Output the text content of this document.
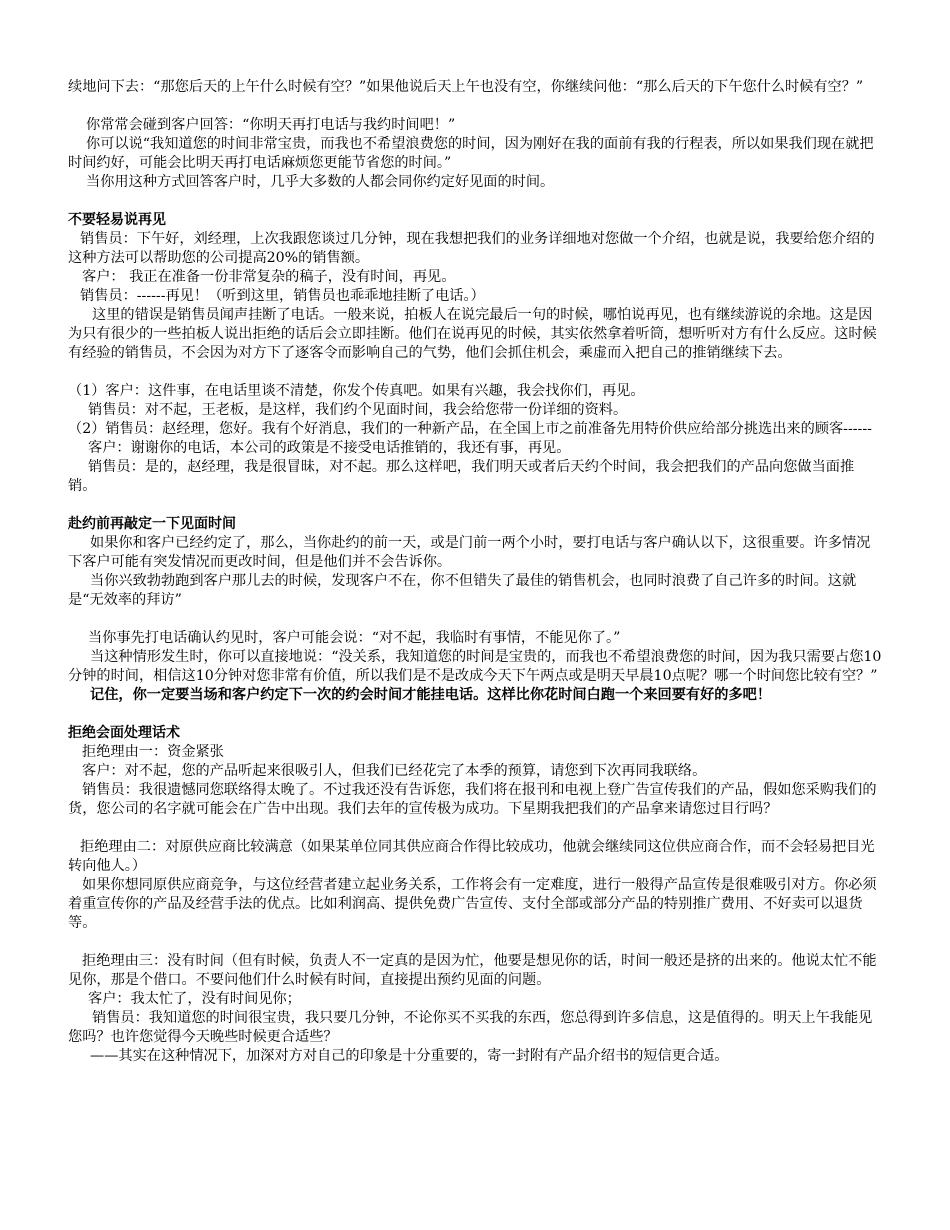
续地问下去：“那您后天的上午什么时候有空？”如果他说后天上午也没有空，你继续问他：“那么后天的下午您什么时候有空？”
你常常会碰到客户回答：“你明天再打电话与我约时间吧！”
你可以说“我知道您的时间非常宝贵，而我也不希望浪费您的时间，因为刚好在我的面前有我的行程表，所以如果我们现在就把时间约好，可能会比明天再打电话麻烦您更能节省您的时间。”
当你用这种方式回答客户时，几乎大多数的人都会同你约定好见面的时间。
不要轻易说再见
销售员：下午好，刘经理，上次我跟您谈过几分钟，现在我想把我们的业务详细地对您做一个介绍，也就是说，我要给您介绍的这种方法可以帮助您的公司提高20%的销售额。
客户： 我正在准备一份非常复杂的稿子，没有时间，再见。
销售员：------再见！（听到这里，销售员也乖乖地挂断了电话。）
这里的错误是销售员闻声挂断了电话。一般来说，拍板人在说完最后一句的时候，哪怕说再见，也有继续游说的余地。这是因为只有很少的一些拍板人说出拒绝的话后会立即挂断。他们在说再见的时候，其实依然拿着听筒，想听听对方有什么反应。这时候有经验的销售员，不会因为对方下了逐客令而影响自己的气势，他们会抓住机会，乘虚而入把自己的推销继续下去。
（1）客户：这件事，在电话里谈不清楚，你发个传真吧。如果有兴趣，我会找你们，再见。
销售员：对不起，王老板，是这样，我们约个见面时间，我会给您带一份详细的资料。
（2）销售员：赵经理，您好。我有个好消息，我们的一种新产品，在全国上市之前准备先用特价供应给部分挑选出来的顾客------
客户：谢谢你的电话，本公司的政策是不接受电话推销的，我还有事，再见。
销售员：是的，赵经理，我是很冒昧，对不起。那么这样吧，我们明天或者后天约个时间，我会把我们的产品向您做当面推销。
赴约前再敲定一下见面时间
如果你和客户已经约定了，那么，当你赴约的前一天，或是门前一两个小时，要打电话与客户确认以下，这很重要。许多情况下客户可能有突发情况而更改时间，但是他们并不会告诉你。
当你兴致勃勃跑到客户那儿去的时候，发现客户不在，你不但错失了最佳的销售机会，也同时浪费了自己许多的时间。这就是“无效率的拜访”
当你事先打电话确认约见时，客户可能会说：“对不起，我临时有事情，不能见你了。”
当这种情形发生时，你可以直接地说：“没关系，我知道您的时间是宝贵的，而我也不希望浪费您的时间，因为我只需要占您10分钟的时间，相信这10分钟对您非常有价值，所以我们是不是改成今天下午两点或是明天早晨10点呢？哪一个时间您比较有空？”
记住，你一定要当场和客户约定下一次的约会时间才能挂电话。这样比你花时间白跑一个来回要有好的多吧！
拒绝会面处理话术
拒绝理由一：资金紧张
客户：对不起，您的产品听起来很吸引人，但我们已经花完了本季的预算，请您到下次再同我联络。
销售员：我很遗憾同您联络得太晚了。不过我还没有告诉您，我们将在报刊和电视上登广告宣传我们的产品，假如您采购我们的货，您公司的名字就可能会在广告中出现。我们去年的宣传极为成功。下星期我把我们的产品拿来请您过目行吗？
拒绝理由二：对原供应商比较满意（如果某单位同其供应商合作得比较成功，他就会继续同这位供应商合作，而不会轻易把目光转向他人。）
如果你想同原供应商竞争，与这位经营者建立起业务关系，工作将会有一定难度，进行一般得产品宣传是很难吸引对方。你必须着重宣传你的产品及经营手法的优点。比如利润高、提供免费广告宣传、支付全部或部分产品的特别推广费用、不好卖可以退货等。
拒绝理由三：没有时间（但有时候，负责人不一定真的是因为忙，他要是想见你的话，时间一般还是挤的出来的。他说太忙不能见你，那是个借口。不要问他们什么时候有时间，直接提出预约见面的问题。
客户：我太忙了，没有时间见你；
销售员：我知道您的时间很宝贵，我只要几分钟，不论你买不买我的东西，您总得到许多信息，这是值得的。明天上午我能见您吗？也许您觉得今天晚些时候更合适些？
——其实在这种情况下，加深对方对自己的印象是十分重要的，寄一封附有产品介绍书的短信更合适。
